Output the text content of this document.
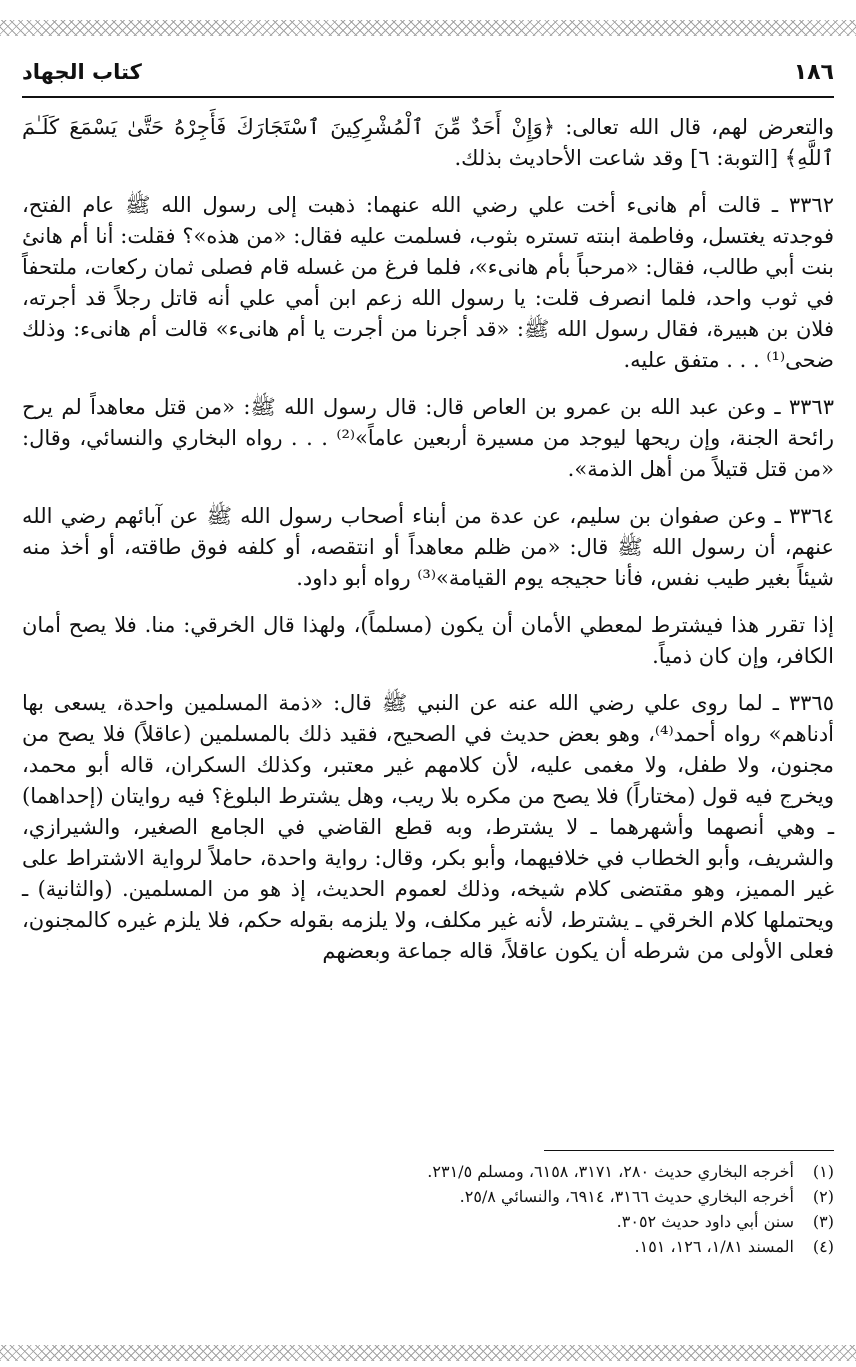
١٨٦
كتاب الجهاد

والتعرض لهم، قال الله تعالى: ﴿وَإِنْ أَحَدٌ مِّنَ ٱلْمُشْرِكِينَ ٱسْتَجَارَكَ فَأَجِرْهُ حَتَّىٰ يَسْمَعَ كَلَـٰمَ ٱللَّهِ﴾ [التوبة: ٦] وقد شاعت الأحاديث بذلك.

٣٣٦٢ ـ قالت أم هانىء أخت علي رضي الله عنهما: ذهبت إلى رسول الله ﷺ عام الفتح، فوجدته يغتسل، وفاطمة ابنته تستره بثوب، فسلمت عليه فقال: «من هذه»؟ فقلت: أنا أم هانئ بنت أبي طالب، فقال: «مرحباً بأم هانىء»، فلما فرغ من غسله قام فصلى ثمان ركعات، ملتحفاً في ثوب واحد، فلما انصرف قلت: يا رسول الله زعم ابن أمي علي أنه قاتل رجلاً قد أجرته، فلان بن هبيرة، فقال رسول الله ﷺ: «قد أجرنا من أجرت يا أم هانىء» قالت أم هانىء: وذلك ضحى⁽¹⁾ . . . متفق عليه.

٣٣٦٣ ـ وعن عبد الله بن عمرو بن العاص قال: قال رسول الله ﷺ: «من قتل معاهداً لم يرح رائحة الجنة، وإن ريحها ليوجد من مسيرة أربعين عاماً»⁽²⁾ . . . رواه البخاري والنسائي، وقال: «من قتل قتيلاً من أهل الذمة».

٣٣٦٤ ـ وعن صفوان بن سليم، عن عدة من أبناء أصحاب رسول الله ﷺ عن آبائهم رضي الله عنهم، أن رسول الله ﷺ قال: «من ظلم معاهداً أو انتقصه، أو كلفه فوق طاقته، أو أخذ منه شيئاً بغير طيب نفس، فأنا حجيجه يوم القيامة»⁽³⁾ رواه أبو داود.

إذا تقرر هذا فيشترط لمعطي الأمان أن يكون (مسلماً)، ولهذا قال الخرقي: منا. فلا يصح أمان الكافر، وإن كان ذمياً.

٣٣٦٥ ـ لما روى علي رضي الله عنه عن النبي ﷺ قال: «ذمة المسلمين واحدة، يسعى بها أدناهم» رواه أحمد⁽⁴⁾، وهو بعض حديث في الصحيح، فقيد ذلك بالمسلمين (عاقلاً) فلا يصح من مجنون، ولا طفل، ولا مغمى عليه، لأن كلامهم غير معتبر، وكذلك السكران، قاله أبو محمد، ويخرج فيه قول (مختاراً) فلا يصح من مكره بلا ريب، وهل يشترط البلوغ؟ فيه روايتان (إحداهما) ـ وهي أنصهما وأشهرهما ـ لا يشترط، وبه قطع القاضي في الجامع الصغير، والشيرازي، والشريف، وأبو الخطاب في خلافيهما، وأبو بكر، وقال: رواية واحدة، حاملاً لرواية الاشتراط على غير المميز، وهو مقتضى كلام شيخه، وذلك لعموم الحديث، إذ هو من المسلمين. (والثانية) ـ ويحتملها كلام الخرقي ـ يشترط، لأنه غير مكلف، ولا يلزمه بقوله حكم، فلا يلزم غيره كالمجنون، فعلى الأولى من شرطه أن يكون عاقلاً، قاله جماعة وبعضهم

(١)
أخرجه البخاري حديث ٢٨٠، ٣١٧١، ٦١٥٨، ومسلم ٢٣١/٥.
(٢)
أخرجه البخاري حديث ٣١٦٦، ٦٩١٤، والنسائي ٢٥/٨.
(٣)
سنن أبي داود حديث ٣٠٥٢.
(٤)
المسند ١/٨١، ١٢٦، ١٥١.
